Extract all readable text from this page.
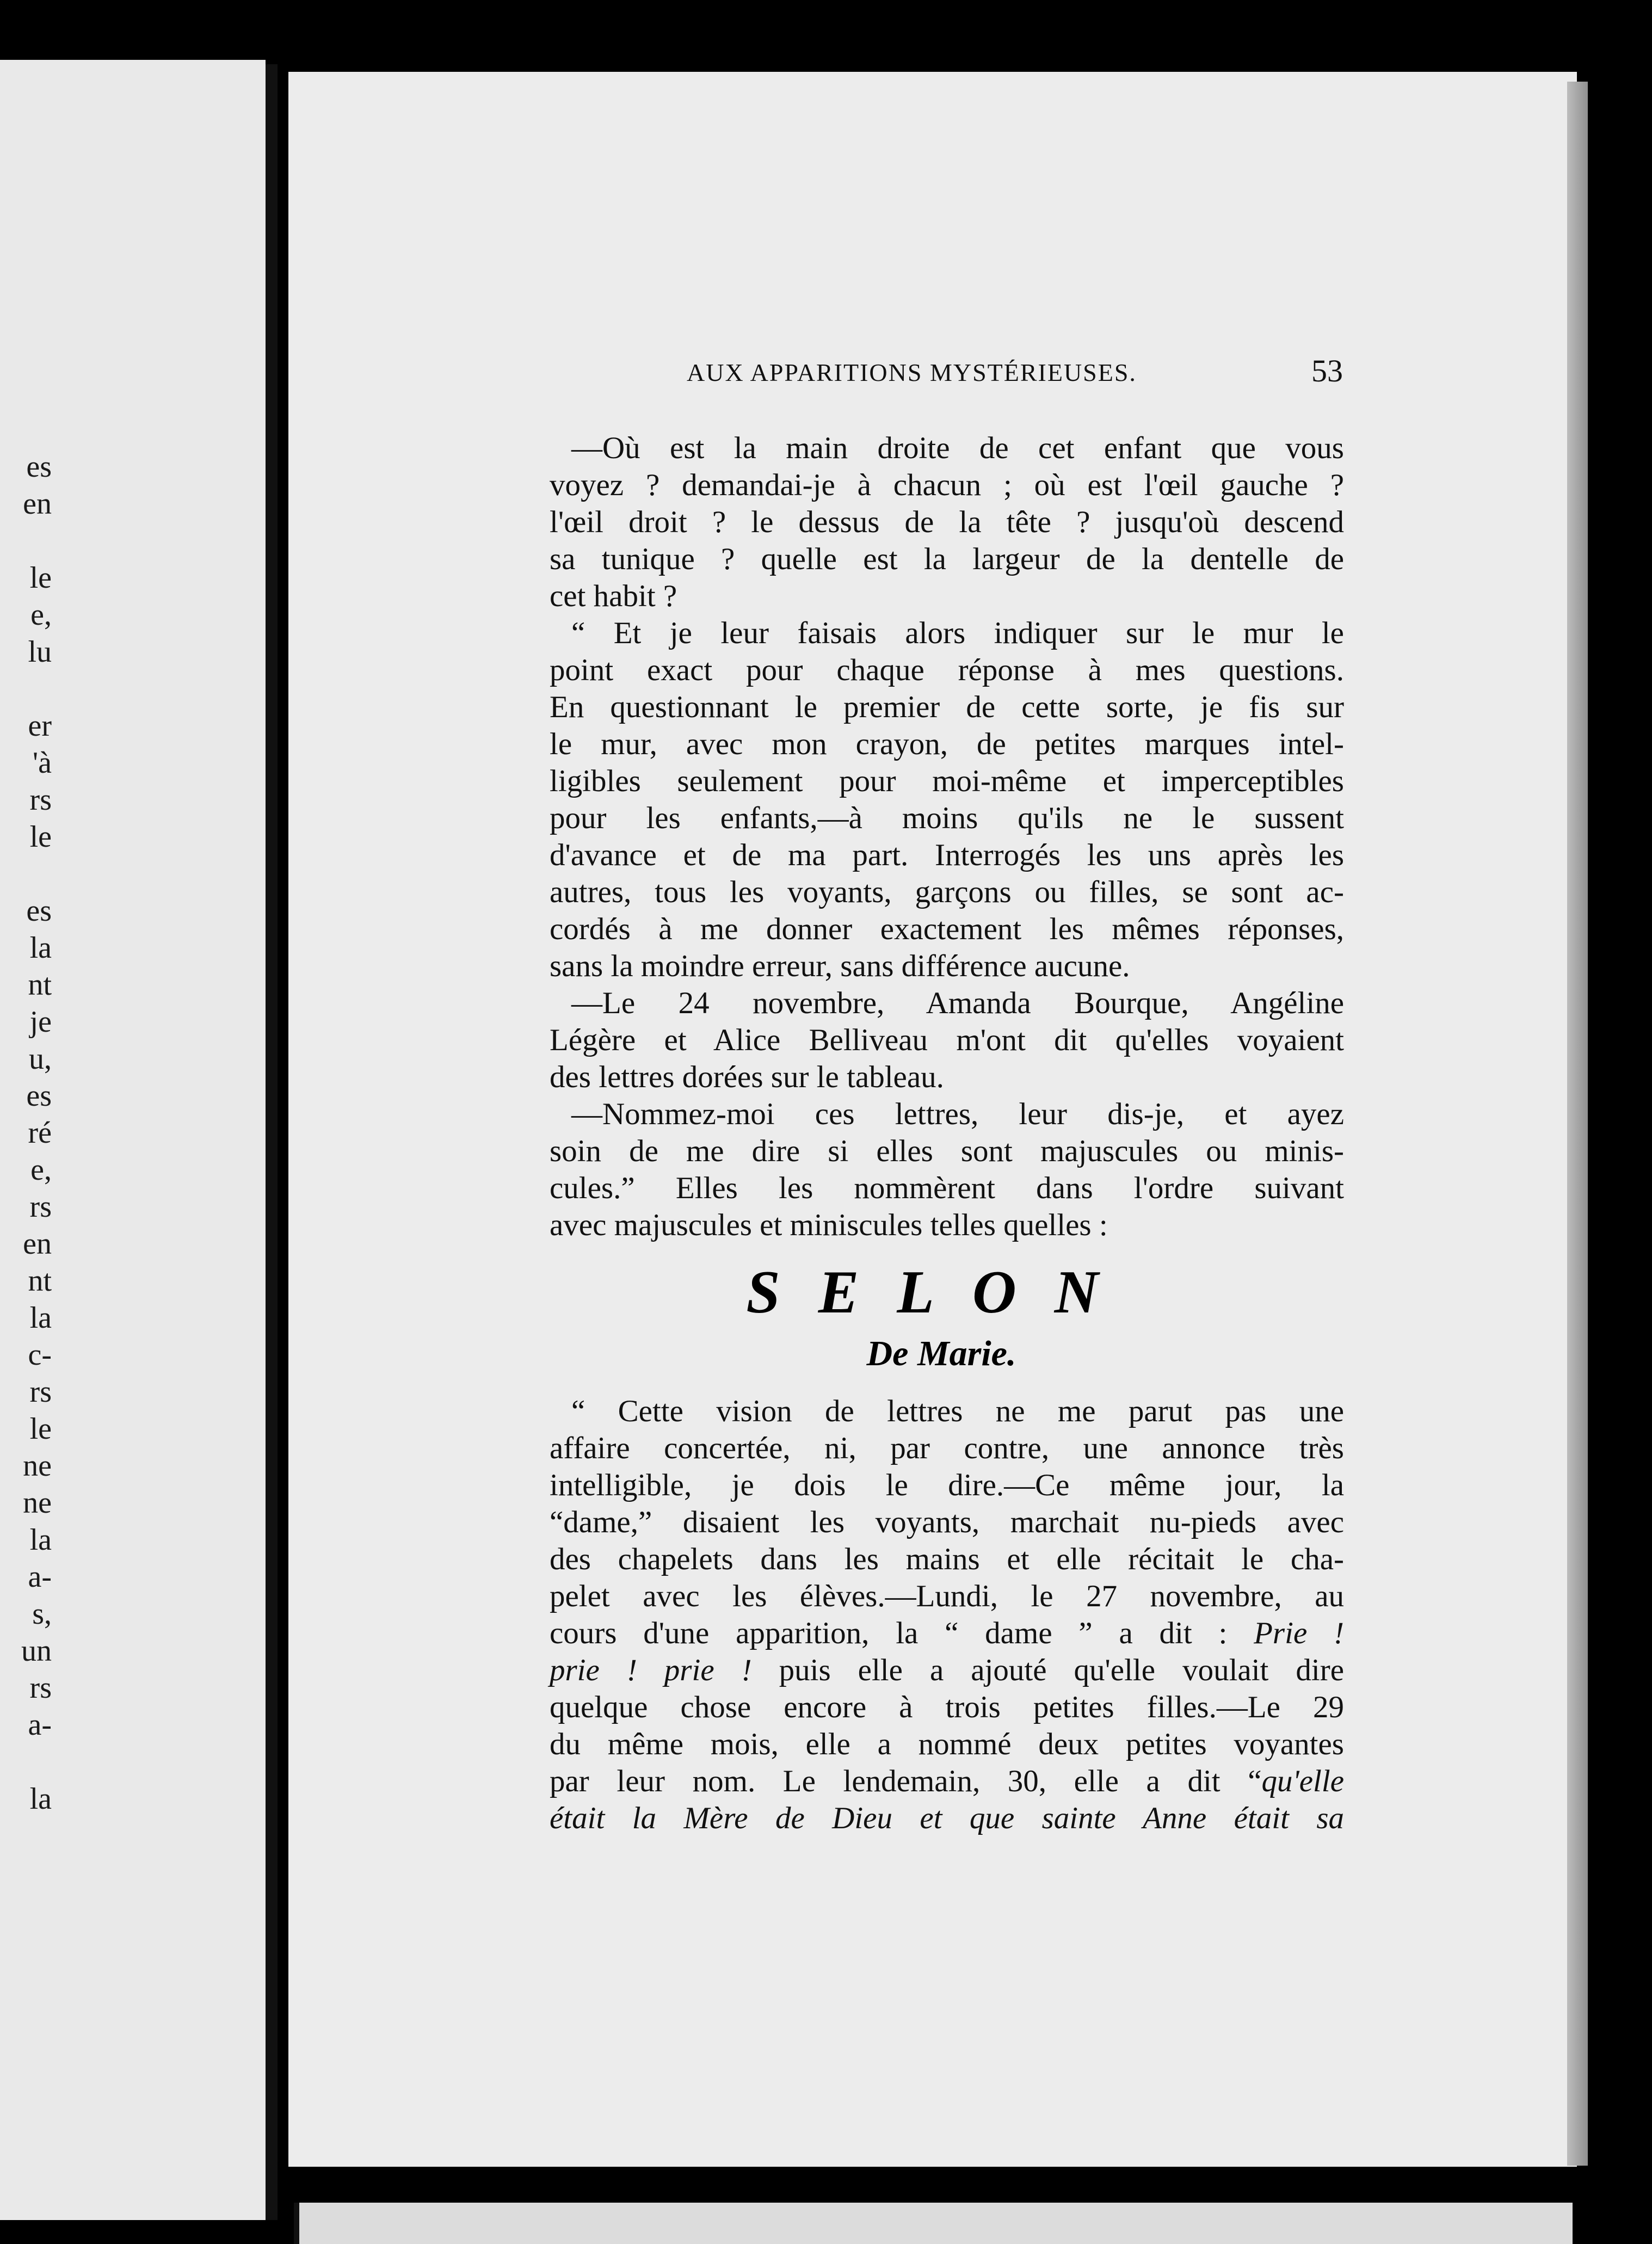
es
en
le
e,
lu
er
'à
rs
le
es
la
nt
je
u,
es
ré
e,
rs
en
nt
la
c-
rs
le
ne
ne
la
a-
s,
un
rs
a-
la
AUX APPARITIONS MYSTÉRIEUSES.	53
—Où est la main droite de cet enfant que vous
voyez ? demandai-je à chacun ; où est l'œil gauche ?
l'œil droit ? le dessus de la tête ? jusqu'où descend
sa tunique ? quelle est la largeur de la dentelle de
cet habit ?
“ Et je leur faisais alors indiquer sur le mur le
point exact pour chaque réponse à mes questions.
En questionnant le premier de cette sorte, je fis sur
le mur, avec mon crayon, de petites marques intel-
ligibles seulement pour moi-même et imperceptibles
pour les enfants,—à moins qu'ils ne le sussent
d'avance et de ma part. Interrogés les uns après les
autres, tous les voyants, garçons ou filles, se sont ac-
cordés à me donner exactement les mêmes réponses,
sans la moindre erreur, sans différence aucune.
—Le 24 novembre, Amanda Bourque, Angéline
Légère et Alice Belliveau m'ont dit qu'elles voyaient
des lettres dorées sur le tableau.
—Nommez-moi ces lettres, leur dis-je, et ayez
soin de me dire si elles sont majuscules ou minis-
cules.” Elles les nommèrent dans l'ordre suivant
avec majuscules et miniscules telles quelles :
SELON
De Marie.
“ Cette vision de lettres ne me parut pas une
affaire concertée, ni, par contre, une annonce très
intelligible, je dois le dire.—Ce même jour, la
“dame,” disaient les voyants, marchait nu-pieds avec
des chapelets dans les mains et elle récitait le cha-
pelet avec les élèves.—Lundi, le 27 novembre, au
cours d'une apparition, la “ dame ” a dit : Prie !
prie ! prie ! puis elle a ajouté qu'elle voulait dire
quelque chose encore à trois petites filles.—Le 29
du même mois, elle a nommé deux petites voyantes
par leur nom. Le lendemain, 30, elle a dit “qu'elle
était la Mère de Dieu et que sainte Anne était sa
